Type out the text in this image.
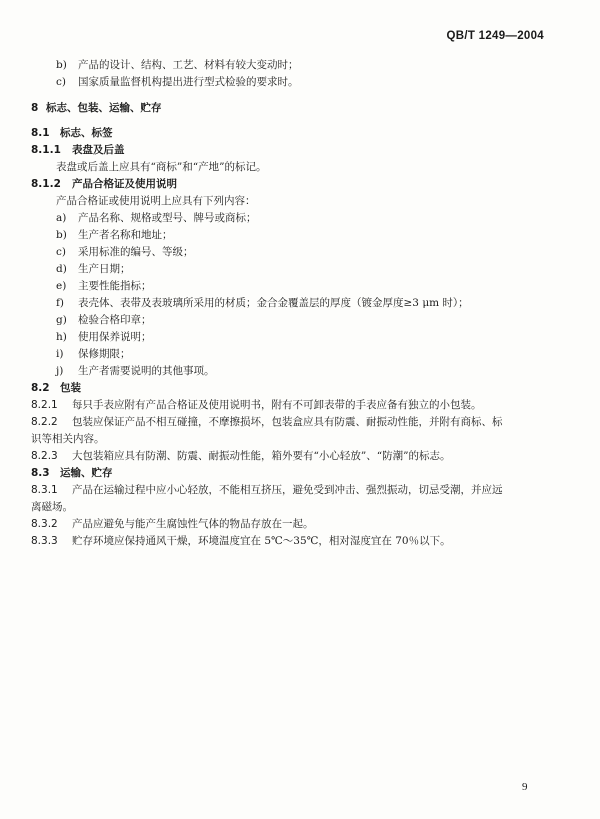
QB/T 1249—2004
b) 产品的设计、结构、工艺、材料有较大变动时；
c) 国家质量监督机构提出进行型式检验的要求时。
8 标志、包装、运输、贮存
8.1 标志、标签
8.1.1 表盘及后盖
表盘或后盖上应具有“商标”和“产地”的标记。
8.1.2 产品合格证及使用说明
产品合格证或使用说明上应具有下列内容：
a) 产品名称、规格或型号、牌号或商标；
b) 生产者名称和地址；
c) 采用标准的编号、等级；
d) 生产日期；
e) 主要性能指标；
f) 表壳体、表带及表玻璃所采用的材质；金合金覆盖层的厚度（镀金厚度≥3 μm 时）；
g) 检验合格印章；
h) 使用保养说明；
i) 保修期限；
j) 生产者需要说明的其他事项。
8.2 包装
8.2.1 每只手表应附有产品合格证及使用说明书，附有不可卸表带的手表应备有独立的小包装。
8.2.2 包装应保证产品不相互碰撞，不摩擦损坏，包装盒应具有防震、耐振动性能，并附有商标、标
识等相关内容。
8.2.3 大包装箱应具有防潮、防震、耐振动性能，箱外要有“小心轻放”、“防潮”的标志。
8.3 运输、贮存
8.3.1 产品在运输过程中应小心轻放，不能相互挤压，避免受到冲击、强烈振动，切忌受潮，并应远
离磁场。
8.3.2 产品应避免与能产生腐蚀性气体的物品存放在一起。
8.3.3 贮存环境应保持通风干燥，环境温度宜在 5℃～35℃，相对湿度宜在 70％以下。
9
